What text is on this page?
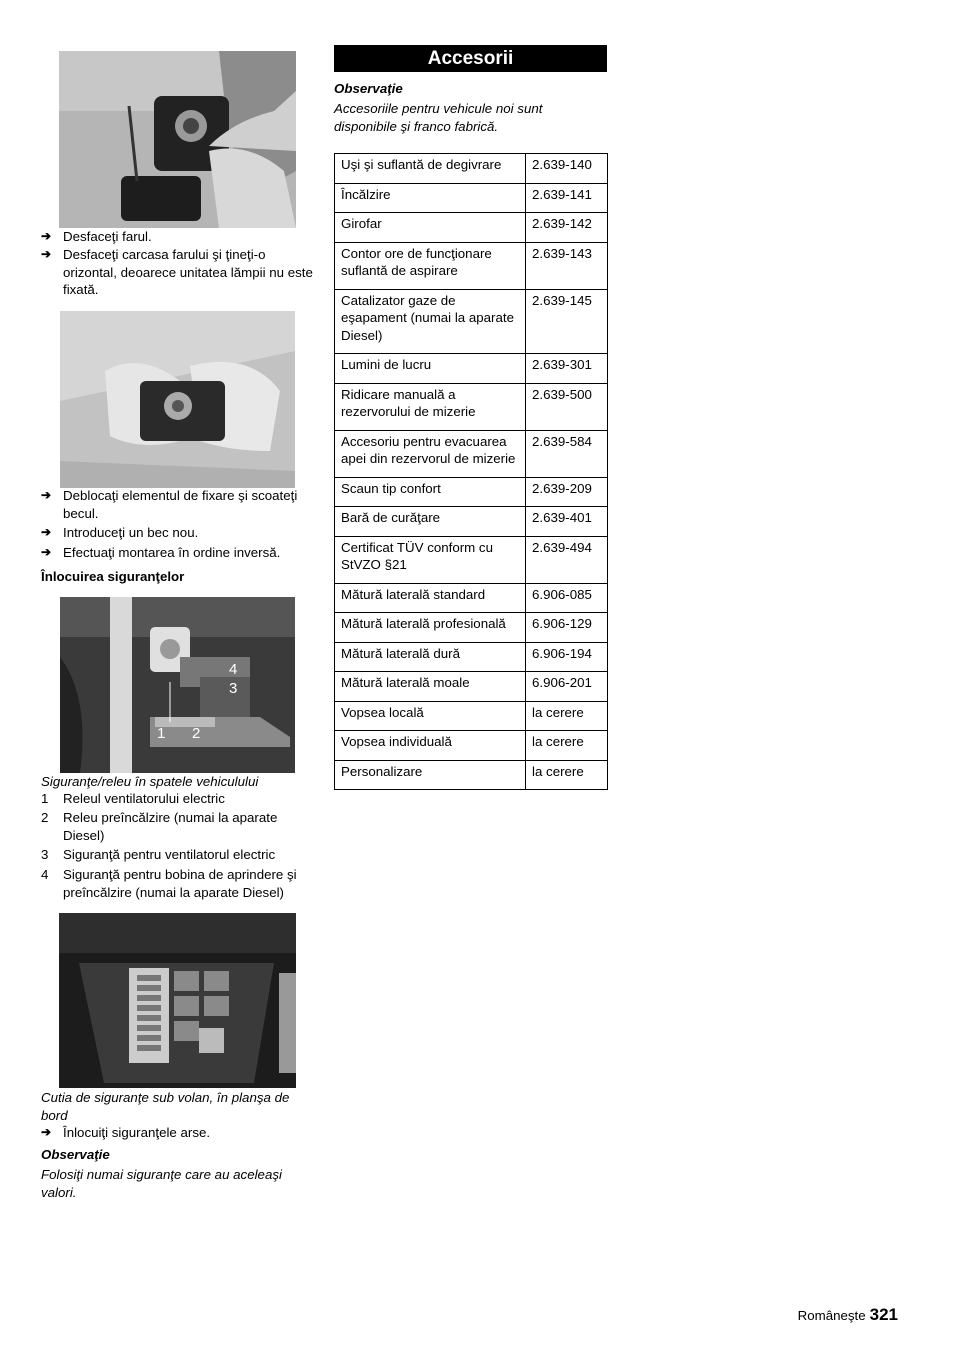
➔ Desfaceţi farul.
➔ Desfaceţi carcasa farului şi ţineţi-o orizontal, deoarece unitatea lămpii nu este fixată.
➔ Deblocaţi elementul de fixare şi scoateţi becul.
➔ Introduceţi un bec nou.
➔ Efectuaţi montarea în ordine inversă.
Înlocuirea siguranţelor
1 2
3
4
Siguranţe/releu în spatele vehiculului
1 Releul ventilatorului electric
2 Releu preîncălzire (numai la aparate Diesel)
3 Siguranţă pentru ventilatorul electric
4 Siguranţă pentru bobina de aprindere şi preîncălzire (numai la aparate Diesel)
Cutia de siguranţe sub volan, în planşa de bord
➔ Înlocuiţi siguranţele arse.
Observaţie
Folosiţi numai siguranţe care au aceleaşi valori.
Accesorii
Observaţie
Accesoriile pentru vehicule noi sunt disponibile şi franco fabrică.
Uşi şi suflantă de degivrare	2.639-140
Încălzire	2.639-141
Girofar	2.639-142
Contor ore de funcţionare suflantă de aspirare	2.639-143
Catalizator gaze de eşapament (numai la aparate Diesel)	2.639-145
Lumini de lucru	2.639-301
Ridicare manuală a rezervorului de mizerie	2.639-500
Accesoriu pentru evacuarea apei din rezervorul de mizerie	2.639-584
Scaun tip confort	2.639-209
Bară de curăţare	2.639-401
Certificat TÜV conform cu StVZO §21	2.639-494
Mătură laterală standard	6.906-085
Mătură laterală profesională	6.906-129
Mătură laterală dură	6.906-194
Mătură laterală moale	6.906-201
Vopsea locală	la cerere
Vopsea individuală	la cerere
Personalizare	la cerere
Româneşte 321
